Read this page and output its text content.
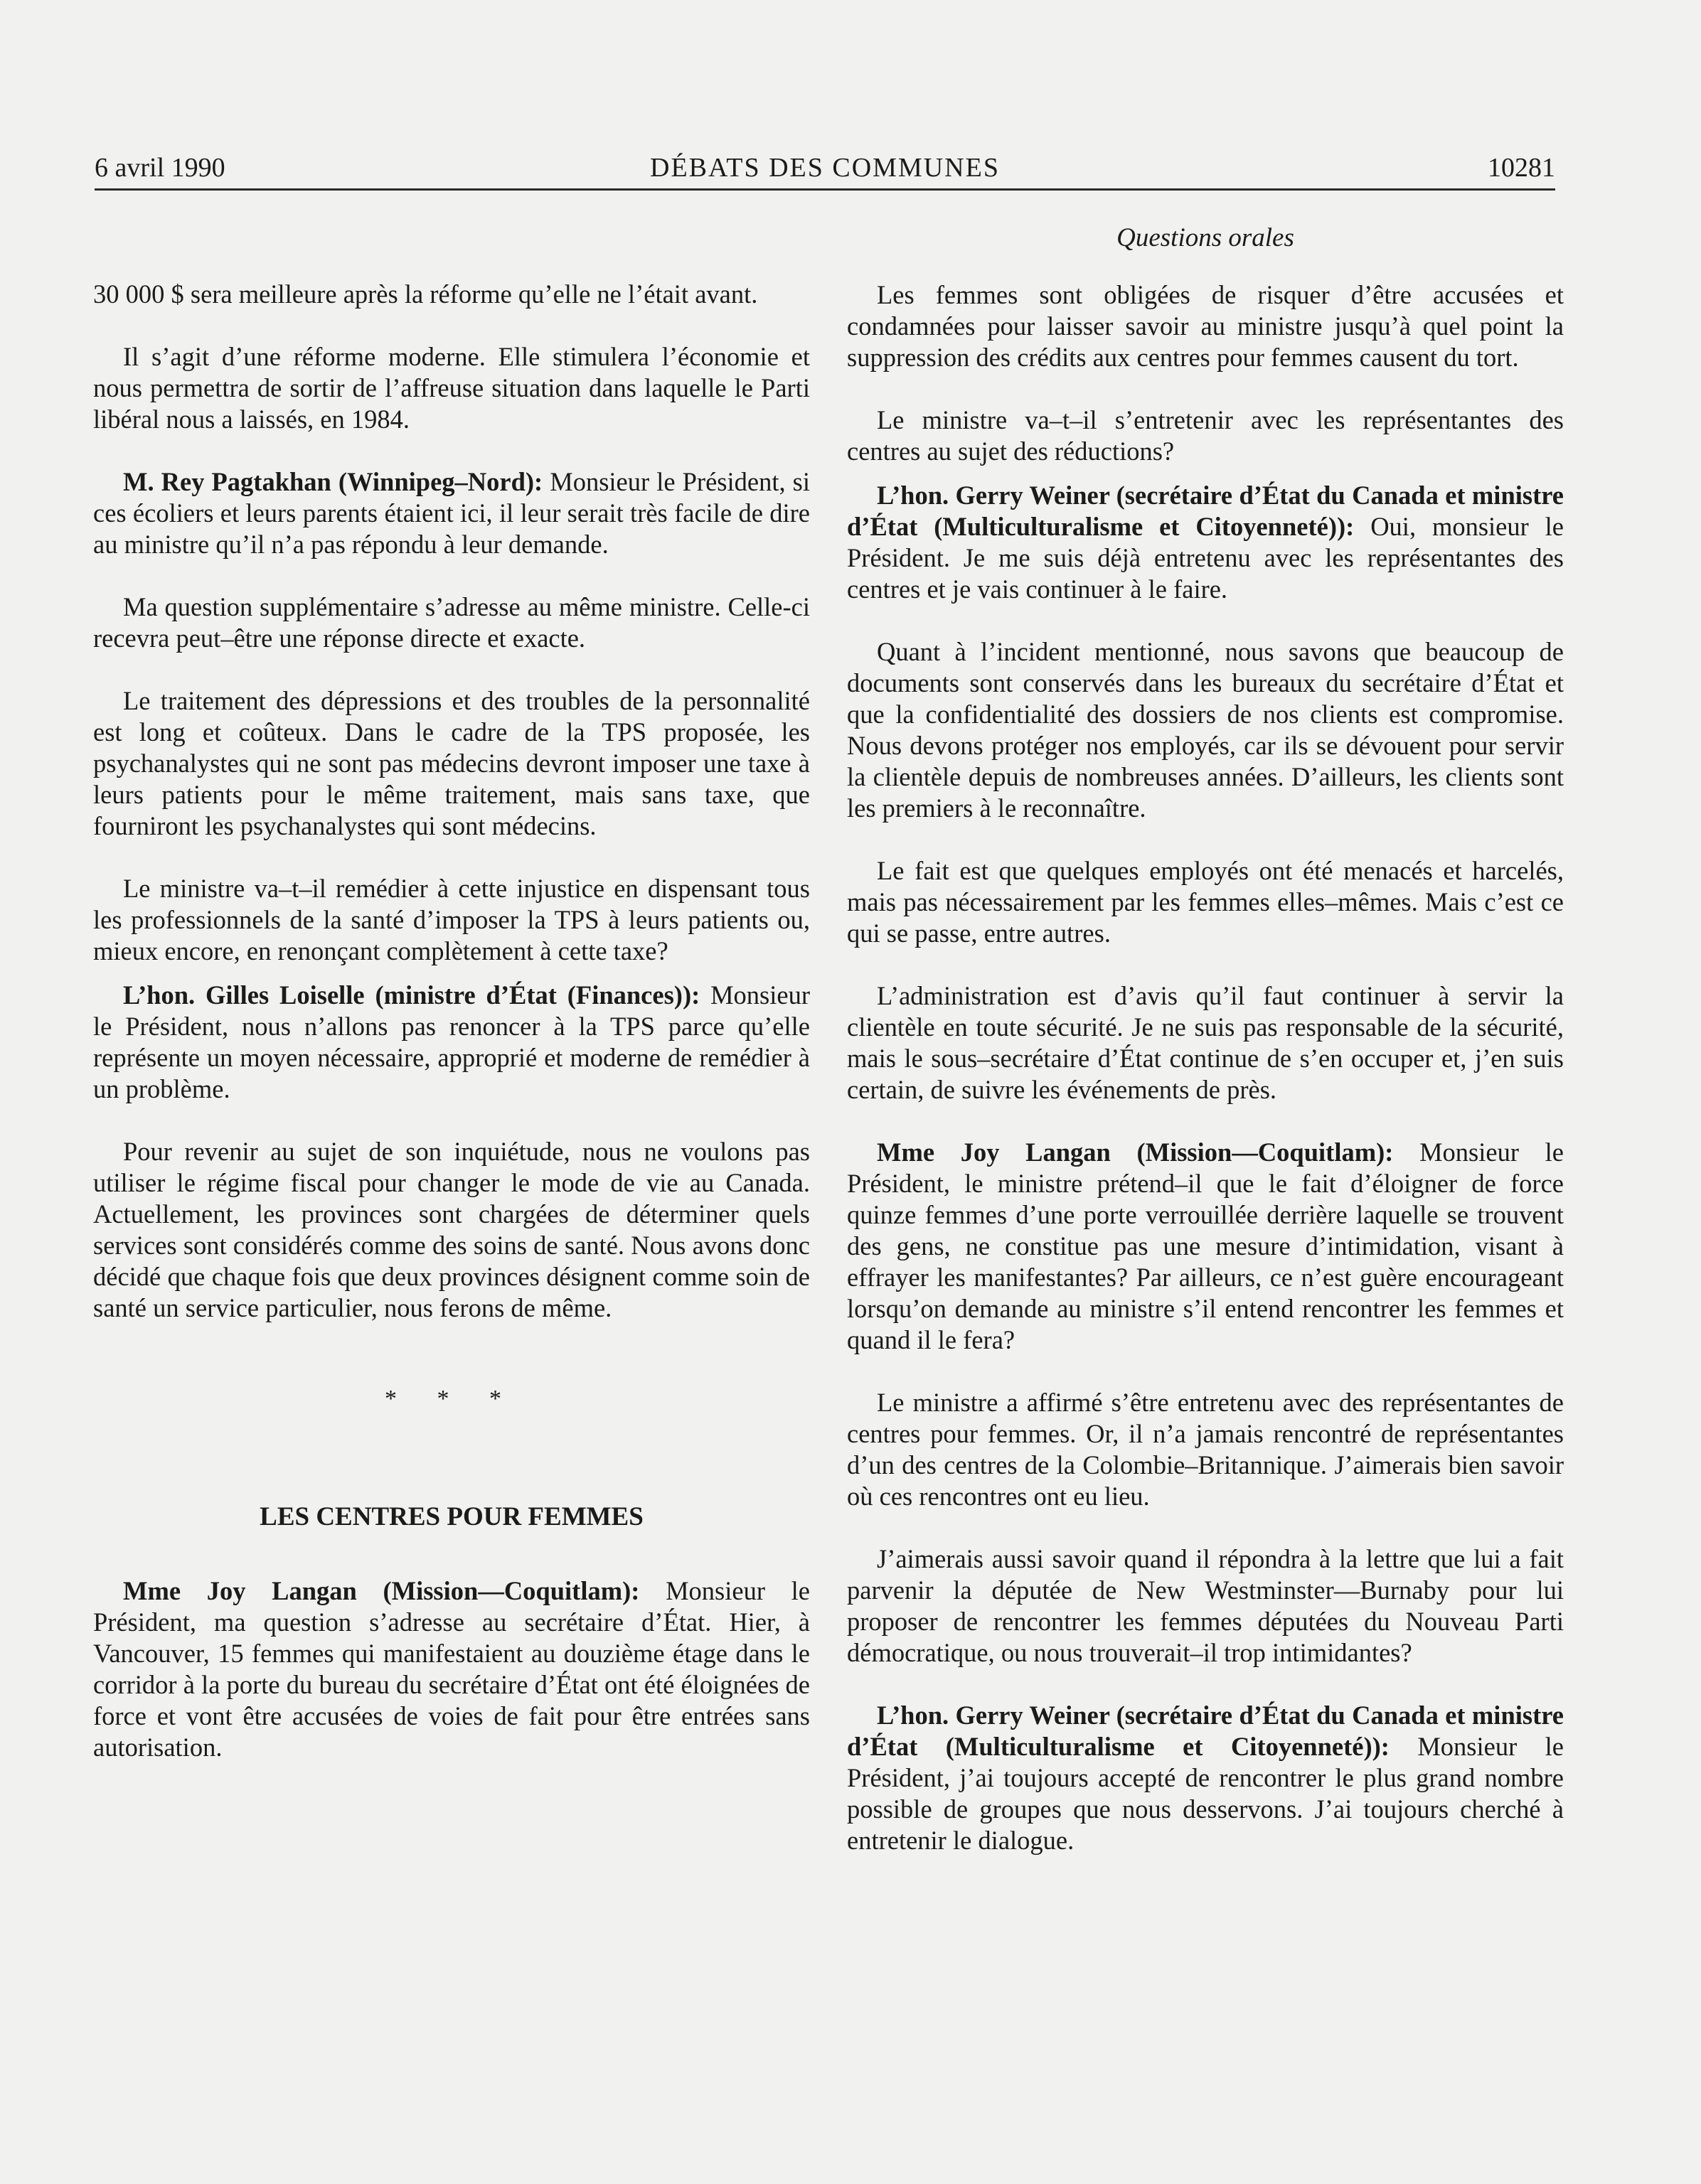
6 avril 1990	DÉBATS DES COMMUNES	10281

30 000 $ sera meilleure après la réforme qu’elle ne l’était avant.

Il s’agit d’une réforme moderne. Elle stimulera l’économie et nous permettra de sortir de l’affreuse situation dans laquelle le Parti libéral nous a laissés, en 1984.

M. Rey Pagtakhan (Winnipeg–Nord): Monsieur le Président, si ces écoliers et leurs parents étaient ici, il leur serait très facile de dire au ministre qu’il n’a pas répondu à leur demande.

Ma question supplémentaire s’adresse au même ministre. Celle-ci recevra peut–être une réponse directe et exacte.

Le traitement des dépressions et des troubles de la personnalité est long et coûteux. Dans le cadre de la TPS proposée, les psychanalystes qui ne sont pas médecins devront imposer une taxe à leurs patients pour le même traitement, mais sans taxe, que fourniront les psychanalystes qui sont médecins.

Le ministre va–t–il remédier à cette injustice en dispensant tous les professionnels de la santé d’imposer la TPS à leurs patients ou, mieux encore, en renonçant complètement à cette taxe?

L’hon. Gilles Loiselle (ministre d’État (Finances)): Monsieur le Président, nous n’allons pas renoncer à la TPS parce qu’elle représente un moyen nécessaire, approprié et moderne de remédier à un problème.

Pour revenir au sujet de son inquiétude, nous ne voulons pas utiliser le régime fiscal pour changer le mode de vie au Canada. Actuellement, les provinces sont chargées de déterminer quels services sont considérés comme des soins de santé. Nous avons donc décidé que chaque fois que deux provinces désignent comme soin de santé un service particulier, nous ferons de même.

* * *
LES CENTRES POUR FEMMES

Mme Joy Langan (Mission—Coquitlam): Monsieur le Président, ma question s’adresse au secrétaire d’État. Hier, à Vancouver, 15 femmes qui manifestaient au douzième étage dans le corridor à la porte du bureau du secrétaire d’État ont été éloignées de force et vont être accusées de voies de fait pour être entrées sans autorisation.

Questions orales

Les femmes sont obligées de risquer d’être accusées et condamnées pour laisser savoir au ministre jusqu’à quel point la suppression des crédits aux centres pour femmes causent du tort.

Le ministre va–t–il s’entretenir avec les représentantes des centres au sujet des réductions?

L’hon. Gerry Weiner (secrétaire d’État du Canada et ministre d’État (Multiculturalisme et Citoyenneté)): Oui, monsieur le Président. Je me suis déjà entretenu avec les représentantes des centres et je vais continuer à le faire.

Quant à l’incident mentionné, nous savons que beaucoup de documents sont conservés dans les bureaux du secrétaire d’État et que la confidentialité des dossiers de nos clients est compromise. Nous devons protéger nos employés, car ils se dévouent pour servir la clientèle depuis de nombreuses années. D’ailleurs, les clients sont les premiers à le reconnaître.

Le fait est que quelques employés ont été menacés et harcelés, mais pas nécessairement par les femmes elles–mêmes. Mais c’est ce qui se passe, entre autres.

L’administration est d’avis qu’il faut continuer à servir la clientèle en toute sécurité. Je ne suis pas responsable de la sécurité, mais le sous–secrétaire d’État continue de s’en occuper et, j’en suis certain, de suivre les événements de près.

Mme Joy Langan (Mission—Coquitlam): Monsieur le Président, le ministre prétend–il que le fait d’éloigner de force quinze femmes d’une porte verrouillée derrière laquelle se trouvent des gens, ne constitue pas une mesure d’intimidation, visant à effrayer les manifestantes? Par ailleurs, ce n’est guère encourageant lorsqu’on demande au ministre s’il entend rencontrer les femmes et quand il le fera?

Le ministre a affirmé s’être entretenu avec des représentantes de centres pour femmes. Or, il n’a jamais rencontré de représentantes d’un des centres de la Colombie–Britannique. J’aimerais bien savoir où ces rencontres ont eu lieu.

J’aimerais aussi savoir quand il répondra à la lettre que lui a fait parvenir la députée de New Westminster—Burnaby pour lui proposer de rencontrer les femmes députées du Nouveau Parti démocratique, ou nous trouverait–il trop intimidantes?

L’hon. Gerry Weiner (secrétaire d’État du Canada et ministre d’État (Multiculturalisme et Citoyenneté)): Monsieur le Président, j’ai toujours accepté de rencontrer le plus grand nombre possible de groupes que nous desservons. J’ai toujours cherché à entretenir le dialogue.
